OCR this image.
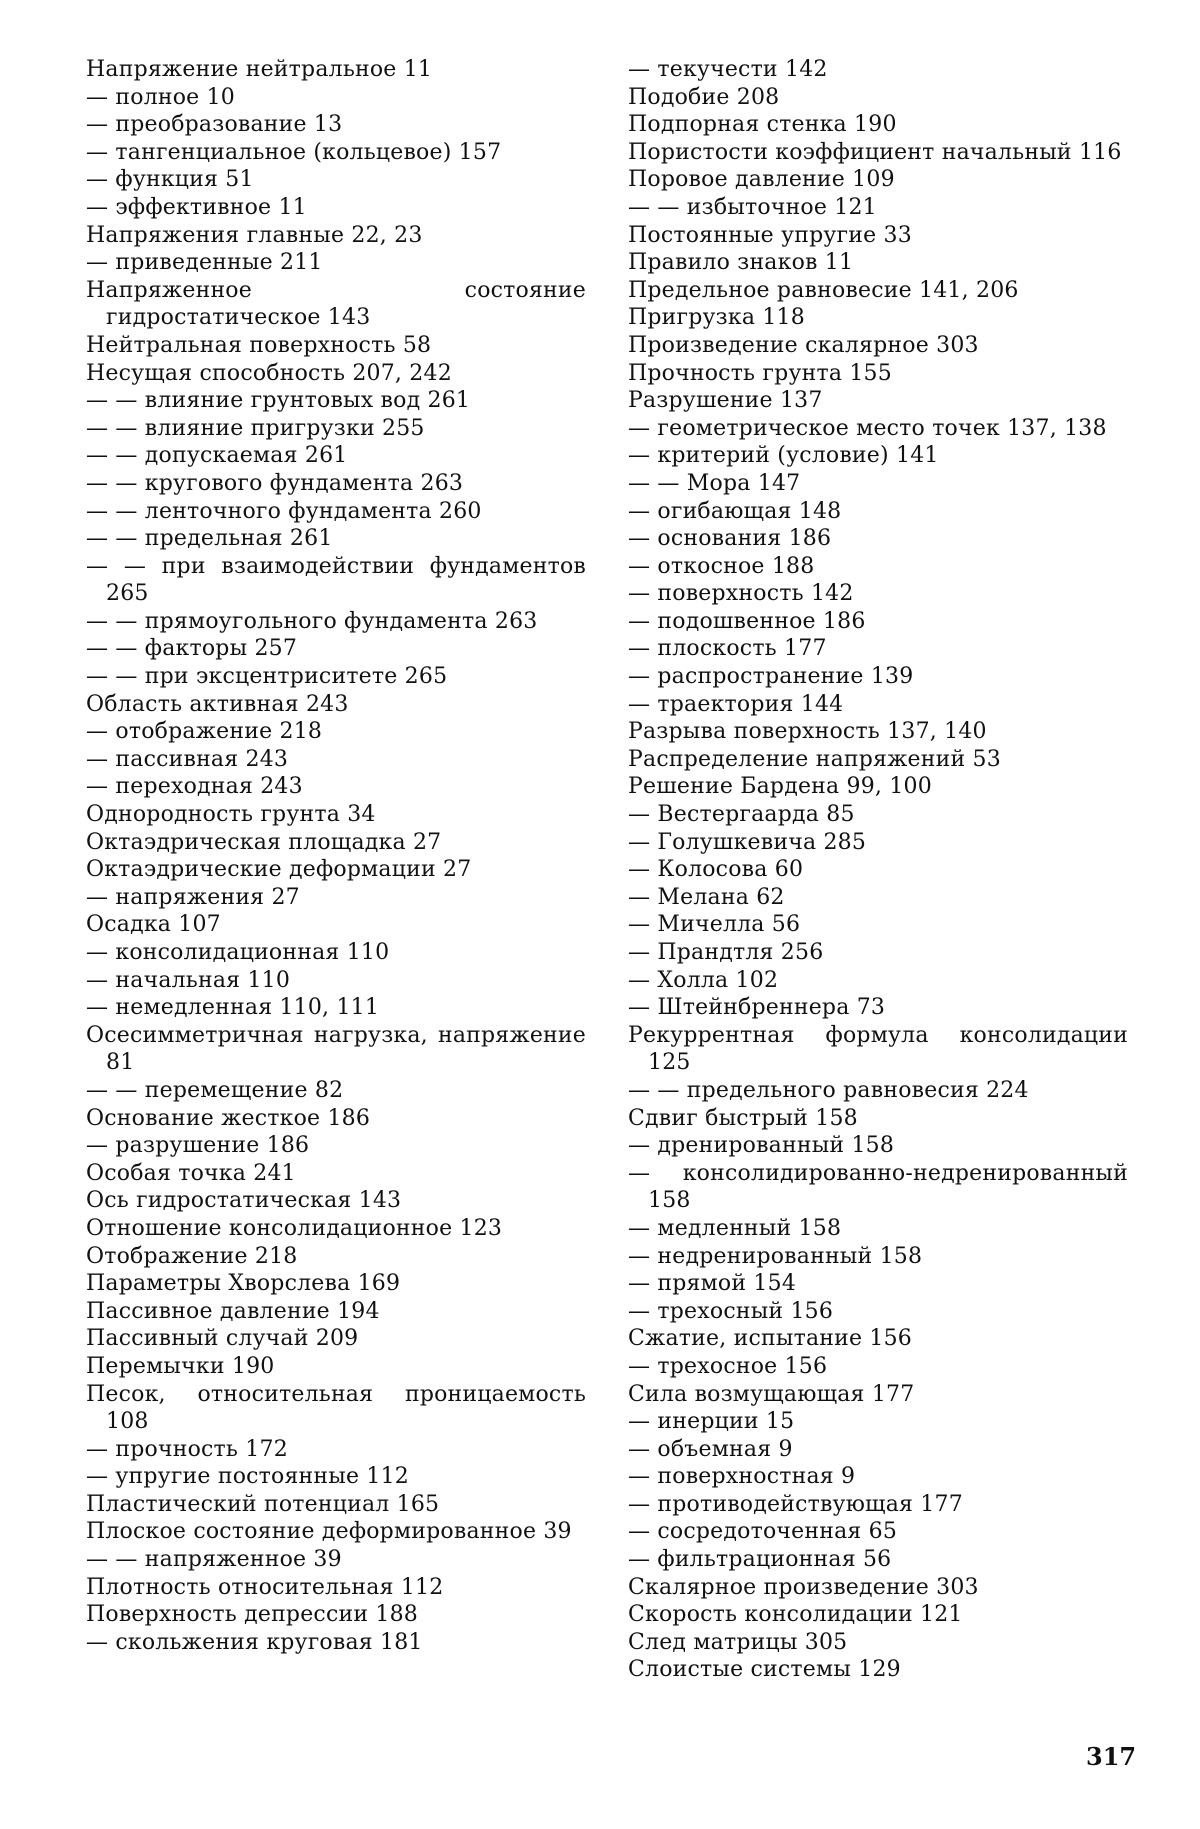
Напряжение нейтральное 11
— полное 10
— преобразование 13
— тангенциальное (кольцевое) 157
— функция 51
— эффективное 11
Напряжения главные 22, 23
— приведенные 211
Напряженное состояние гидростатическое 143
Нейтральная поверхность 58
Несущая способность 207, 242
— — влияние грунтовых вод 261
— — влияние пригрузки 255
— — допускаемая 261
— — кругового фундамента 263
— — ленточного фундамента 260
— — предельная 261
— — при взаимодействии фундаментов 265
— — прямоугольного фундамента 263
— — факторы 257
— — при эксцентриситете 265
Область активная 243
— отображение 218
— пассивная 243
— переходная 243
Однородность грунта 34
Октаэдрическая площадка 27
Октаэдрические деформации 27
— напряжения 27
Осадка 107
— консолидационная 110
— начальная 110
— немедленная 110, 111
Осесимметричная нагрузка, напряжение 81
— — перемещение 82
Основание жесткое 186
— разрушение 186
Особая точка 241
Ось гидростатическая 143
Отношение консолидационное 123
Отображение 218
Параметры Хворслева 169
Пассивное давление 194
Пассивный случай 209
Перемычки 190
Песок, относительная проницаемость 108
— прочность 172
— упругие постоянные 112
Пластический потенциал 165
Плоское состояние деформированное 39
— — напряженное 39
Плотность относительная 112
Поверхность депрессии 188
— скольжения круговая 181
— текучести 142
Подобие 208
Подпорная стенка 190
Пористости коэффициент начальный 116
Поровое давление 109
— — избыточное 121
Постоянные упругие 33
Правило знаков 11
Предельное равновесие 141, 206
Пригрузка 118
Произведение скалярное 303
Прочность грунта 155
Разрушение 137
— геометрическое место точек 137, 138
— критерий (условие) 141
— — Мора 147
— огибающая 148
— основания 186
— откосное 188
— поверхность 142
— подошвенное 186
— плоскость 177
— распространение 139
— траектория 144
Разрыва поверхность 137, 140
Распределение напряжений 53
Решение Бардена 99, 100
— Вестергаарда 85
— Голушкевича 285
— Колосова 60
— Мелана 62
— Мичелла 56
— Прандтля 256
— Холла 102
— Штейнбреннера 73
Рекуррентная формула консолидации 125
— — предельного равновесия 224
Сдвиг быстрый 158
— дренированный 158
— консолидированно-недренированный 158
— медленный 158
— недренированный 158
— прямой 154
— трехосный 156
Сжатие, испытание 156
— трехосное 156
Сила возмущающая 177
— инерции 15
— объемная 9
— поверхностная 9
— противодействующая 177
— сосредоточенная 65
— фильтрационная 56
Скалярное произведение 303
Скорость консолидации 121
След матрицы 305
Слоистые системы 129
317
